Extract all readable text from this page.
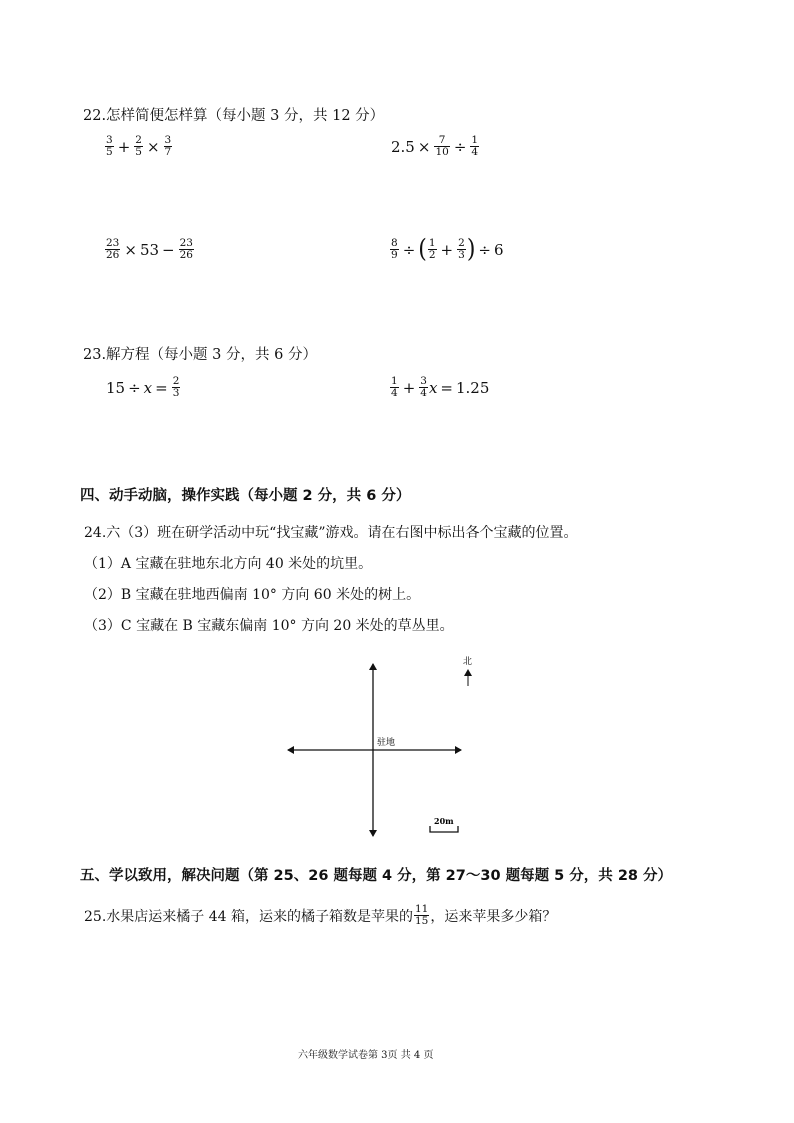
22.怎样简便怎样算（每小题 3 分，共 12 分）
$\frac{3}{5} + \frac{2}{5} \times \frac{3}{7}$	$2.5 \times \frac{7}{10} \div \frac{1}{4}$
$\frac{23}{26} \times 53 - \frac{23}{26}$	$\frac{8}{9}$ ÷ ( $\frac{1}{2} + \frac{2}{3}$ ) ÷ 6
23.解方程（每小题 3 分，共 6 分）
$15 \div x = \frac{2}{3}$	$\frac{1}{4} + \frac{3}{4}$ x = 1.25
四、动手动脑，操作实践（每小题 2 分，共 6 分）
24.六（3）班在研学活动中玩“找宝藏”游戏。请在右图中标出各个宝藏的位置。
（1）A 宝藏在驻地东北方向 40 米处的坑里。
（2）B 宝藏在驻地西偏南 10° 方向 60 米处的树上。
（3）C 宝藏在 B 宝藏东偏南 10° 方向 20 米处的草丛里。
驻地
北
20m
五、学以致用，解决问题（第 25、26 题每题 4 分，第 27～30 题每题 5 分，共 28 分）
25.水果店运来橘子 44 箱，运来的橘子箱数是苹果的 $\frac{11}{15}$ ，运来苹果多少箱？
六年级数学试卷第 3页 共 4 页
